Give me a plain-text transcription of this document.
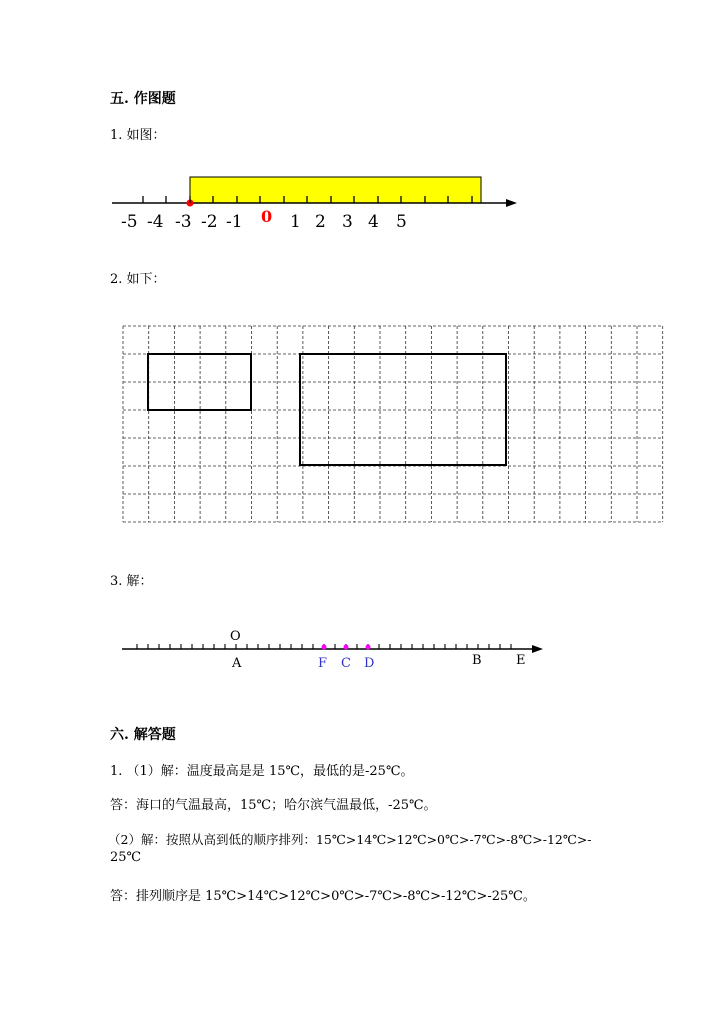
五. 作图题
1. 如图：
-5 -4 -3 -2 -1 0 1 2 3 4 5
O
A	F C D	B	E
2. 如下：
3. 解：
六. 解答题
1. （1）解：温度最高是是 15℃，最低的是-25℃。
答：海口的气温最高，15℃；哈尔滨气温最低，-25℃。
（2）解：按照从高到低的顺序排列：15℃>14℃>12℃>0℃>-7℃>-8℃>-12℃>-
25℃
答：排列顺序是 15℃>14℃>12℃>0℃>-7℃>-8℃>-12℃>-25℃。
